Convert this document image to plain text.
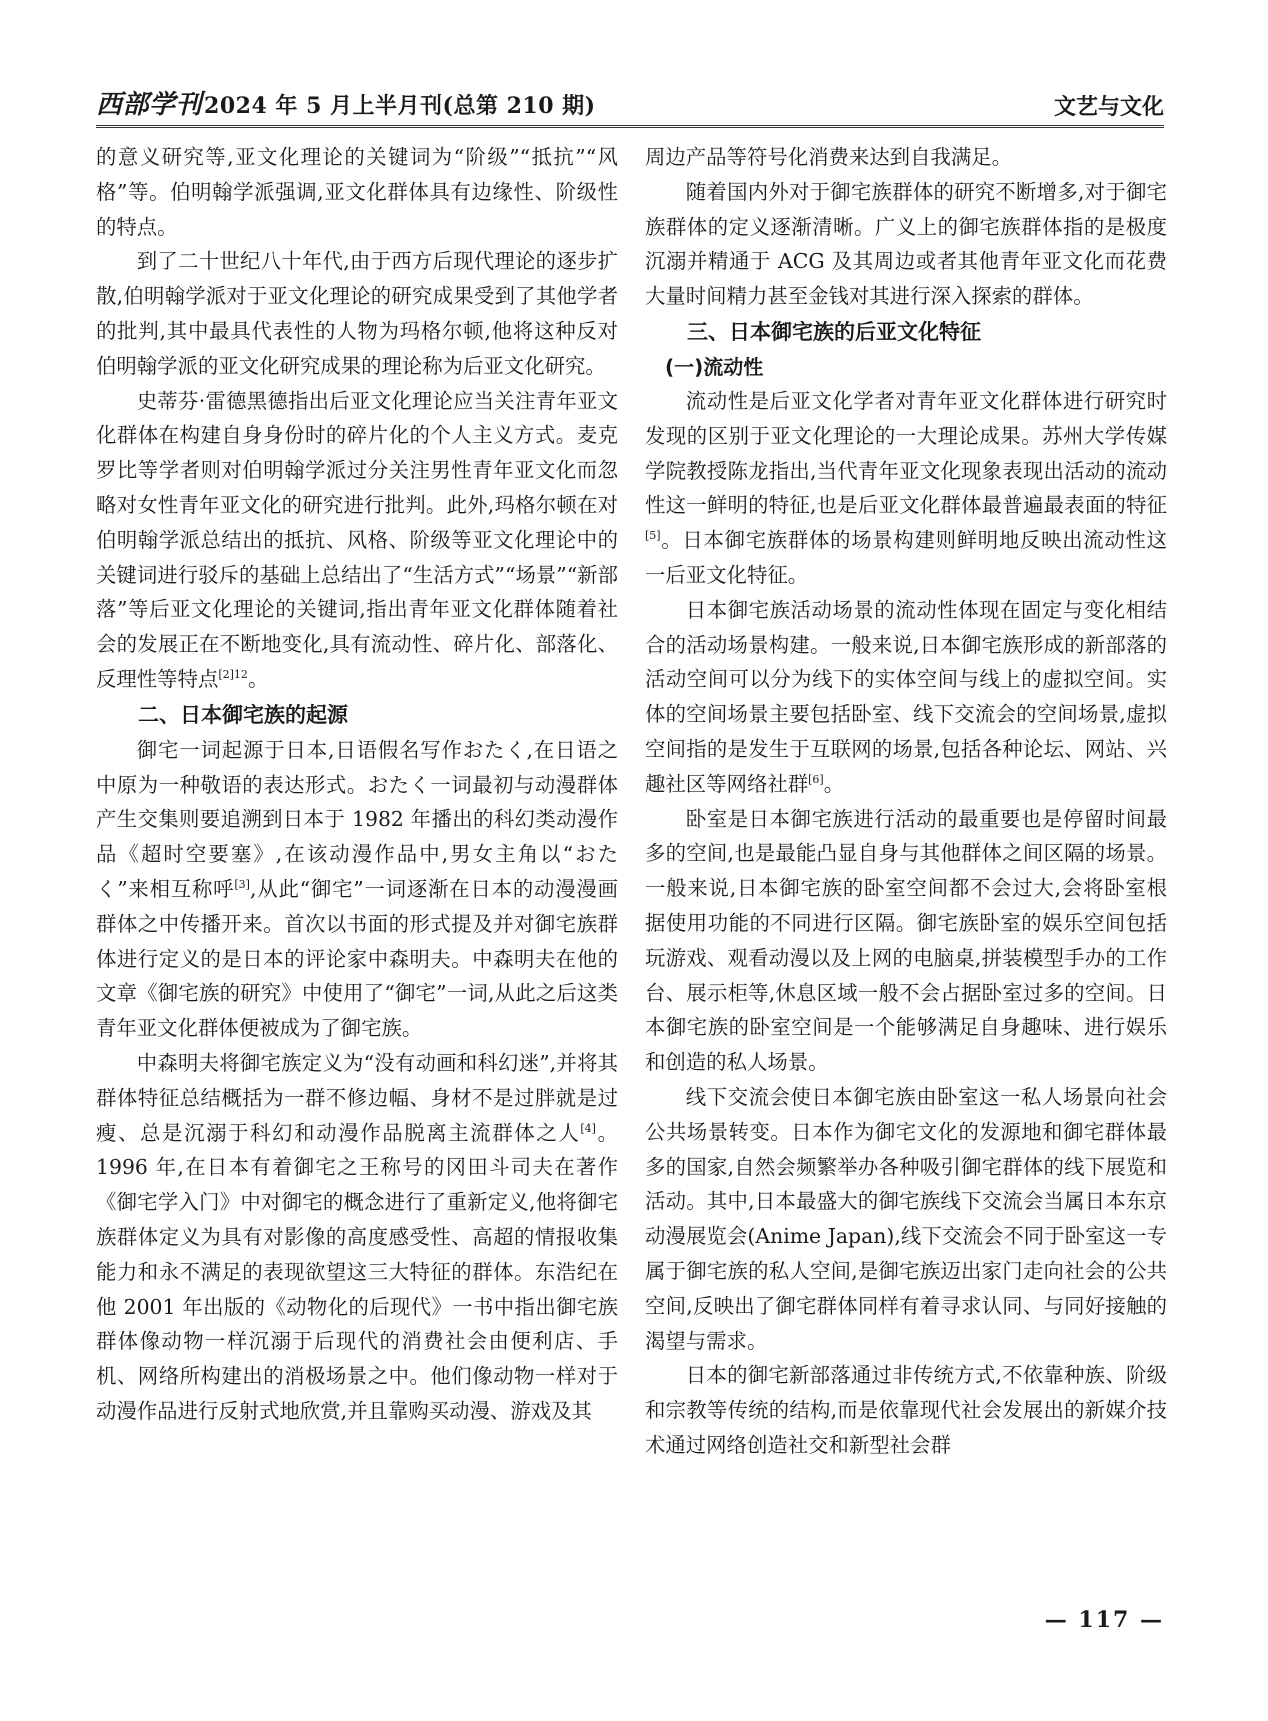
西部学刊2024 年 5 月上半月刊(总第 210 期)	文艺与文化

的意义研究等,亚文化理论的关键词为“阶级”“抵抗”“风格”等。伯明翰学派强调,亚文化群体具有边缘性、阶级性的特点。

到了二十世纪八十年代,由于西方后现代理论的逐步扩散,伯明翰学派对于亚文化理论的研究成果受到了其他学者的批判,其中最具代表性的人物为玛格尔顿,他将这种反对伯明翰学派的亚文化研究成果的理论称为后亚文化研究。

史蒂芬·雷德黑德指出后亚文化理论应当关注青年亚文化群体在构建自身身份时的碎片化的个人主义方式。麦克罗比等学者则对伯明翰学派过分关注男性青年亚文化而忽略对女性青年亚文化的研究进行批判。此外,玛格尔顿在对伯明翰学派总结出的抵抗、风格、阶级等亚文化理论中的关键词进行驳斥的基础上总结出了“生活方式”“场景”“新部落”等后亚文化理论的关键词,指出青年亚文化群体随着社会的发展正在不断地变化,具有流动性、碎片化、部落化、反理性等特点$^{[2]12}$。

二、日本御宅族的起源

御宅一词起源于日本,日语假名写作おたく,在日语之中原为一种敬语的表达形式。おたく一词最初与动漫群体产生交集则要追溯到日本于 1982 年播出的科幻类动漫作品《超时空要塞》,在该动漫作品中,男女主角以“おたく”来相互称呼[3],从此“御宅”一词逐渐在日本的动漫漫画群体之中传播开来。首次以书面的形式提及并对御宅族群体进行定义的是日本的评论家中森明夫。中森明夫在他的文章《御宅族的研究》中使用了“御宅”一词,从此之后这类青年亚文化群体便被成为了御宅族。

中森明夫将御宅族定义为“没有动画和科幻迷”,并将其群体特征总结概括为一群不修边幅、身材不是过胖就是过瘦、总是沉溺于科幻和动漫作品脱离主流群体之人[4]。1996 年,在日本有着御宅之王称号的冈田斗司夫在著作《御宅学入门》中对御宅的概念进行了重新定义,他将御宅族群体定义为具有对影像的高度感受性、高超的情报收集能力和永不满足的表现欲望这三大特征的群体。东浩纪在他 2001 年出版的《动物化的后现代》一书中指出御宅族群体像动物一样沉溺于后现代的消费社会由便利店、手机、网络所构建出的消极场景之中。他们像动物一样对于动漫作品进行反射式地欣赏,并且靠购买动漫、游戏及其

周边产品等符号化消费来达到自我满足。

随着国内外对于御宅族群体的研究不断增多,对于御宅族群体的定义逐渐清晰。广义上的御宅族群体指的是极度沉溺并精通于 ACG 及其周边或者其他青年亚文化而花费大量时间精力甚至金钱对其进行深入探索的群体。

三、日本御宅族的后亚文化特征
(一)流动性

流动性是后亚文化学者对青年亚文化群体进行研究时发现的区别于亚文化理论的一大理论成果。苏州大学传媒学院教授陈龙指出,当代青年亚文化现象表现出活动的流动性这一鲜明的特征,也是后亚文化群体最普遍最表面的特征[5]。日本御宅族群体的场景构建则鲜明地反映出流动性这一后亚文化特征。

日本御宅族活动场景的流动性体现在固定与变化相结合的活动场景构建。一般来说,日本御宅族形成的新部落的活动空间可以分为线下的实体空间与线上的虚拟空间。实体的空间场景主要包括卧室、线下交流会的空间场景,虚拟空间指的是发生于互联网的场景,包括各种论坛、网站、兴趣社区等网络社群[6]。

卧室是日本御宅族进行活动的最重要也是停留时间最多的空间,也是最能凸显自身与其他群体之间区隔的场景。一般来说,日本御宅族的卧室空间都不会过大,会将卧室根据使用功能的不同进行区隔。御宅族卧室的娱乐空间包括玩游戏、观看动漫以及上网的电脑桌,拼装模型手办的工作台、展示柜等,休息区域一般不会占据卧室过多的空间。日本御宅族的卧室空间是一个能够满足自身趣味、进行娱乐和创造的私人场景。

线下交流会使日本御宅族由卧室这一私人场景向社会公共场景转变。日本作为御宅文化的发源地和御宅群体最多的国家,自然会频繁举办各种吸引御宅群体的线下展览和活动。其中,日本最盛大的御宅族线下交流会当属日本东京动漫展览会(Anime Japan),线下交流会不同于卧室这一专属于御宅族的私人空间,是御宅族迈出家门走向社会的公共空间,反映出了御宅群体同样有着寻求认同、与同好接触的渴望与需求。

日本的御宅新部落通过非传统方式,不依靠种族、阶级和宗教等传统的结构,而是依靠现代社会发展出的新媒介技术通过网络创造社交和新型社会群

— 117 —
